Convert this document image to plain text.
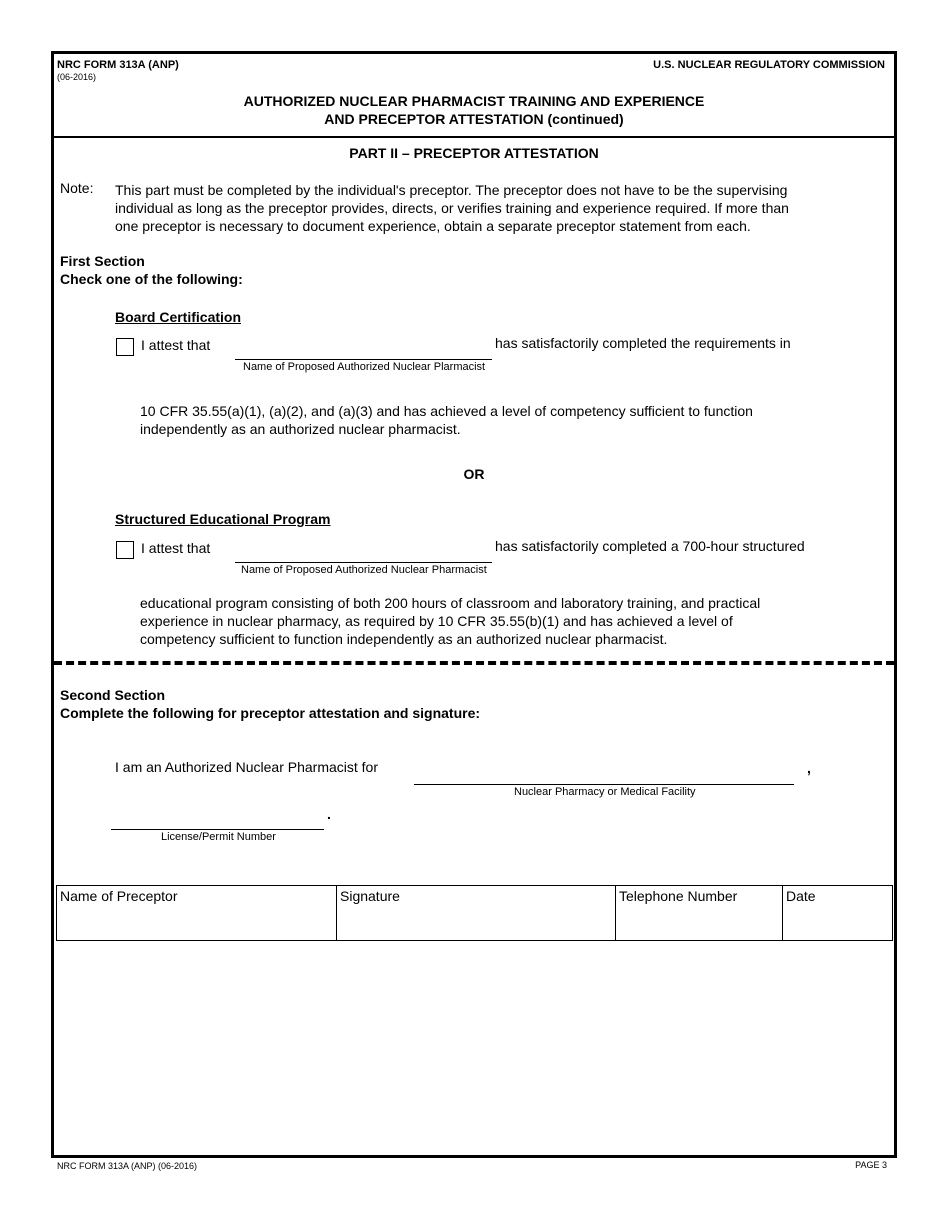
NRC FORM 313A (ANP)
(06-2016)
U.S. NUCLEAR REGULATORY COMMISSION
AUTHORIZED NUCLEAR PHARMACIST TRAINING AND EXPERIENCE
AND PRECEPTOR ATTESTATION (continued)
PART II – PRECEPTOR ATTESTATION
Note: This part must be completed by the individual's preceptor. The preceptor does not have to be the supervising
individual as long as the preceptor provides, directs, or verifies training and experience required. If more than
one preceptor is necessary to document experience, obtain a separate preceptor statement from each.
First Section
Check one of the following:
Board Certification
I attest that
Name of Proposed Authorized Nuclear Plarmacist
has satisfactorily completed the requirements in
10 CFR 35.55(a)(1), (a)(2), and (a)(3) and has achieved a level of competency sufficient to function
independently as an authorized nuclear pharmacist.
OR
Structured Educational Program
I attest that
Name of Proposed Authorized Nuclear Pharmacist
has satisfactorily completed a 700-hour structured
educational program consisting of both 200 hours of classroom and laboratory training, and practical
experience in nuclear pharmacy, as required by 10 CFR 35.55(b)(1) and has achieved a level of
competency sufficient to function independently as an authorized nuclear pharmacist.
Second Section
Complete the following for preceptor attestation and signature:
I am an Authorized Nuclear Pharmacist for	,
Nuclear Pharmacy or Medical Facility
.
License/Permit Number
Name of Preceptor	Signature	Telephone Number	Date
NRC FORM 313A (ANP) (06-2016)	PAGE 3
